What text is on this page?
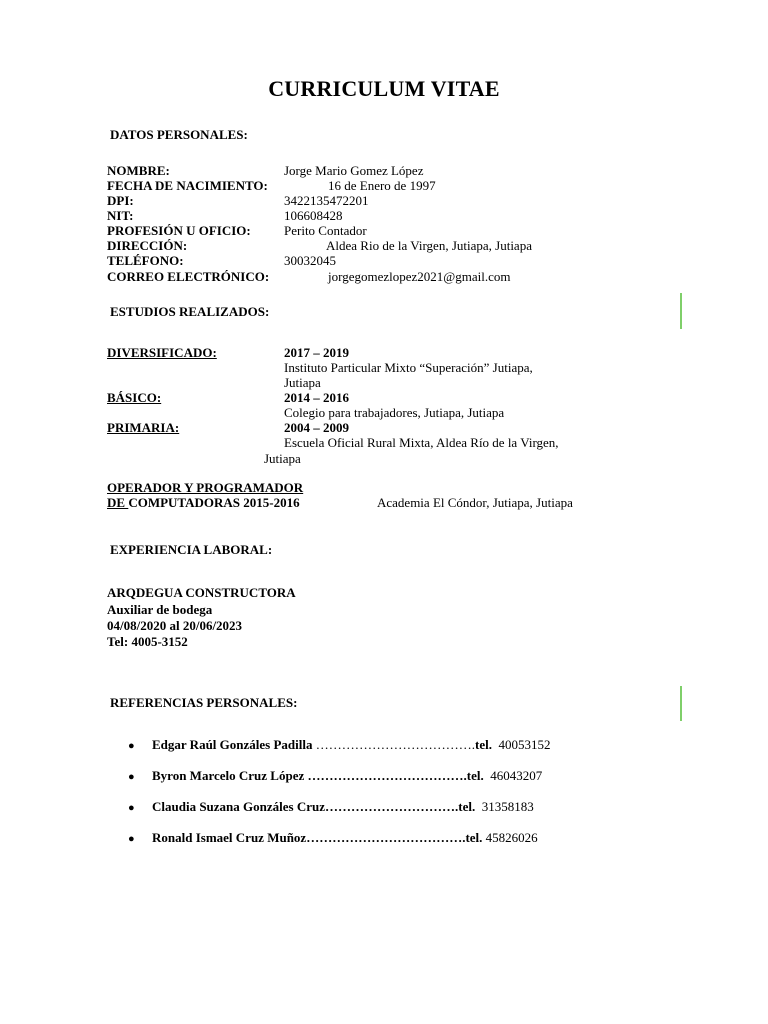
CURRICULUM VITAE
DATOS PERSONALES:
NOMBRE:	Jorge Mario Gomez López
FECHA DE NACIMIENTO:	16 de Enero de 1997
DPI:	3422135472201
NIT:	106608428
PROFESIÓN U OFICIO:	Perito Contador
DIRECCIÓN:	Aldea Rio de la Virgen, Jutiapa, Jutiapa
TELÉFONO:	30032045
CORREO ELECTRÓNICO:	jorgegomezlopez2021@gmail.com
ESTUDIOS REALIZADOS:
DIVERSIFICADO:	2017 – 2019
Instituto Particular Mixto “Superación” Jutiapa,
Jutiapa
BÁSICO:	2014 – 2016
Colegio para trabajadores, Jutiapa, Jutiapa
PRIMARIA:	2004 – 2009
Escuela Oficial Rural Mixta, Aldea Río de la Virgen,
Jutiapa
OPERADOR Y PROGRAMADOR
DE COMPUTADORAS 2015-2016	Academia El Cóndor, Jutiapa, Jutiapa
EXPERIENCIA LABORAL:
ARQDEGUA CONSTRUCTORA
Auxiliar de bodega
04/08/2020 al 20/06/2023
Tel: 4005-3152
REFERENCIAS PERSONALES:
● Edgar Raúl Gonzáles Padilla ……………………………….tel. 40053152
● Byron Marcelo Cruz López ……………………………….tel. 46043207
● Claudia Suzana Gonzáles Cruz………………………….tel. 31358183
● Ronald Ismael Cruz Muñoz……………………………….tel. 45826026
